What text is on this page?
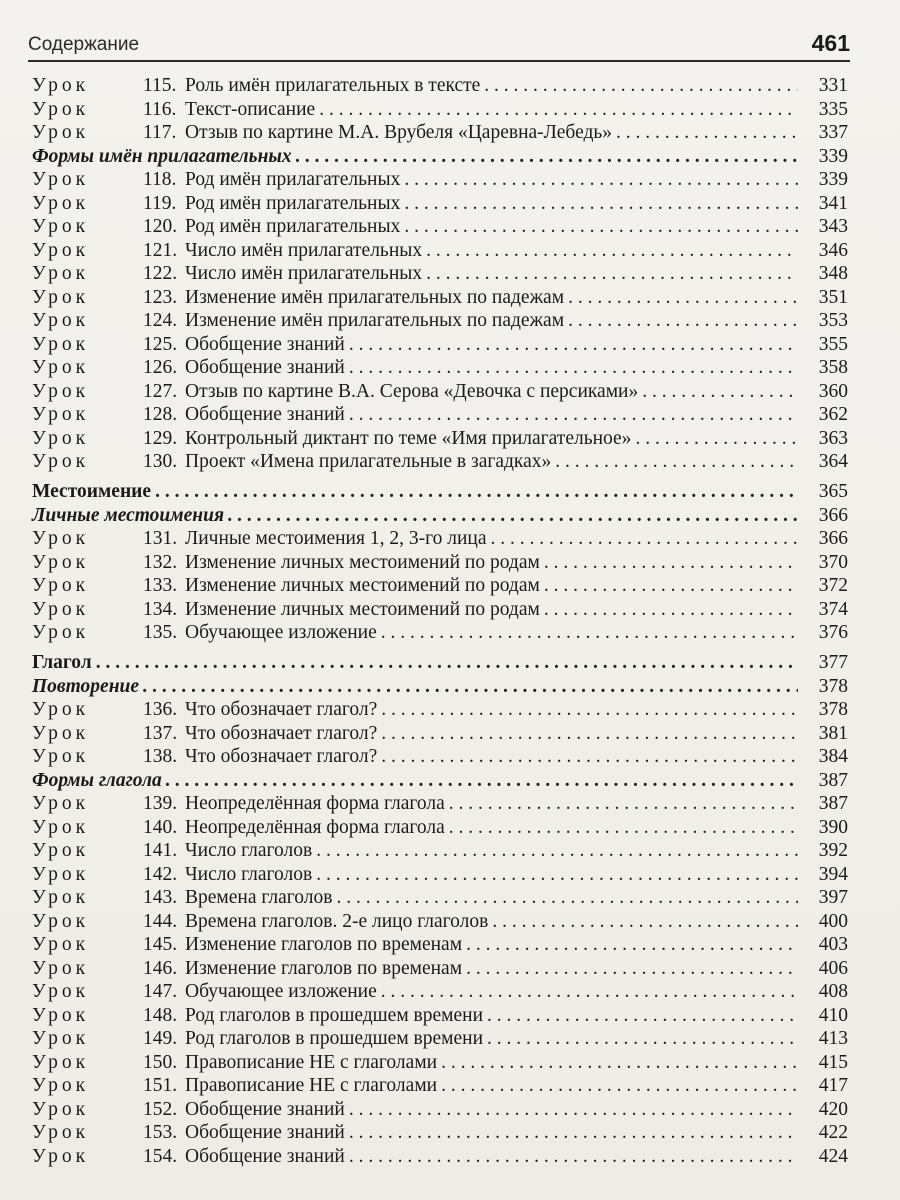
Содержание	461
Урок	115. Роль имён прилагательных в тексте . . .	331
Урок	116. Текст-описание . . .	335
Урок	117. Отзыв по картине М.А. Врубеля «Царевна-Лебедь» . . .	337
Формы имён прилагательных . . .	339
Урок	118. Род имён прилагательных . . .	339
Урок	119. Род имён прилагательных . . .	341
Урок	120. Род имён прилагательных . . .	343
Урок	121. Число имён прилагательных . . .	346
Урок	122. Число имён прилагательных . . .	348
Урок	123. Изменение имён прилагательных по падежам . . .	351
Урок	124. Изменение имён прилагательных по падежам . . .	353
Урок	125. Обобщение знаний . . .	355
Урок	126. Обобщение знаний . . .	358
Урок	127. Отзыв по картине В.А. Серова «Девочка с персиками» . . .	360
Урок	128. Обобщение знаний . . .	362
Урок	129. Контрольный диктант по теме «Имя прилагательное» . . .	363
Урок	130. Проект «Имена прилагательные в загадках» . . .	364
Местоимение . . .	365
Личные местоимения . . .	366
Урок	131. Личные местоимения 1, 2, 3-го лица . . .	366
Урок	132. Изменение личных местоимений по родам . . .	370
Урок	133. Изменение личных местоимений по родам . . .	372
Урок	134. Изменение личных местоимений по родам . . .	374
Урок	135. Обучающее изложение . . .	376
Глагол . . .	377
Повторение . . .	378
Урок	136. Что обозначает глагол? . . .	378
Урок	137. Что обозначает глагол? . . .	381
Урок	138. Что обозначает глагол? . . .	384
Формы глагола . . .	387
Урок	139. Неопределённая форма глагола . . .	387
Урок	140. Неопределённая форма глагола . . .	390
Урок	141. Число глаголов . . .	392
Урок	142. Число глаголов . . .	394
Урок	143. Времена глаголов . . .	397
Урок	144. Времена глаголов. 2-е лицо глаголов . . .	400
Урок	145. Изменение глаголов по временам . . .	403
Урок	146. Изменение глаголов по временам . . .	406
Урок	147. Обучающее изложение . . .	408
Урок	148. Род глаголов в прошедшем времени . . .	410
Урок	149. Род глаголов в прошедшем времени . . .	413
Урок	150. Правописание НЕ с глаголами . . .	415
Урок	151. Правописание НЕ с глаголами . . .	417
Урок	152. Обобщение знаний . . .	420
Урок	153. Обобщение знаний . . .	422
Урок	154. Обобщение знаний . . .	424
